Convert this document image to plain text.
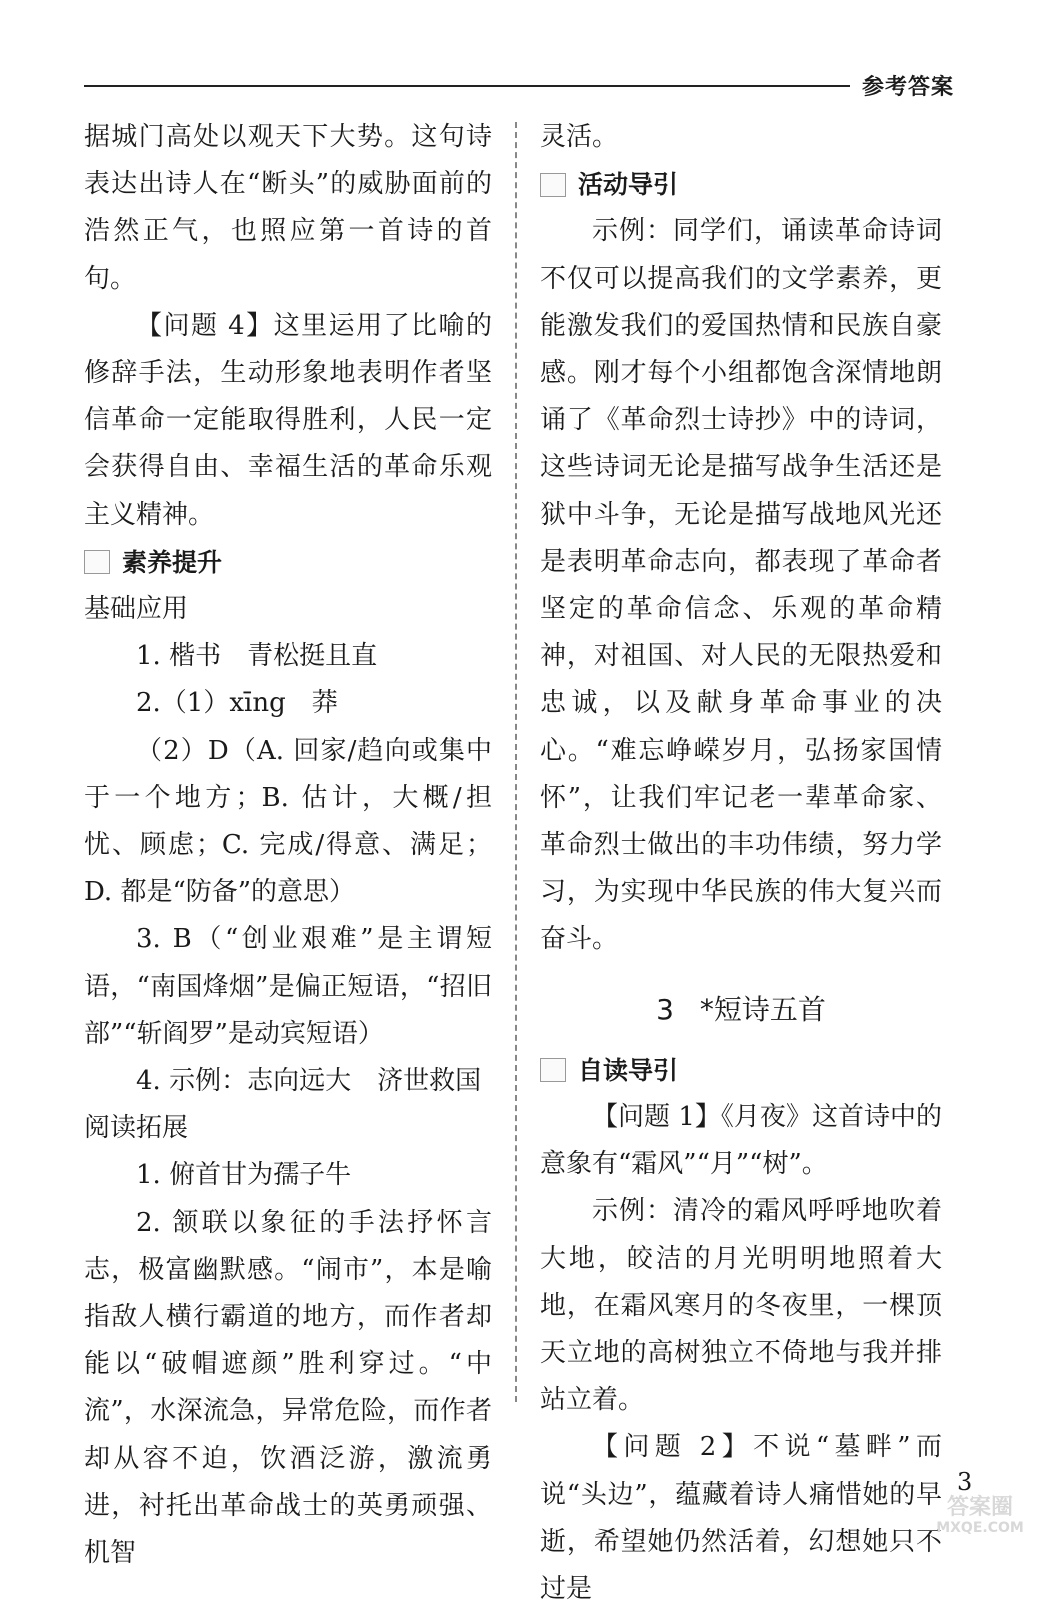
参考答案

据城门高处以观天下大势。这句诗表达出诗人在“断头”的威胁面前的浩然正气，也照应第一首诗的首句。

【问题 4】这里运用了比喻的修辞手法，生动形象地表明作者坚信革命一定能取得胜利，人民一定会获得自由、幸福生活的革命乐观主义精神。

素养提升

基础应用

1. 楷书　青松挺且直

2.（1）xīng　莽

（2）D（A. 回家/趋向或集中于一个地方；B. 估计，大概/担忧、顾虑；C. 完成/得意、满足；D. 都是“防备”的意思）

3. B（“创业艰难”是主谓短语，“南国烽烟”是偏正短语，“招旧部”“斩阎罗”是动宾短语）

4. 示例：志向远大　济世救国

阅读拓展

1. 俯首甘为孺子牛

2. 颔联以象征的手法抒怀言志，极富幽默感。“闹市”，本是喻指敌人横行霸道的地方，而作者却能以“破帽遮颜”胜利穿过。“中流”，水深流急，异常危险，而作者却从容不迫，饮酒泛游，激流勇进，衬托出革命战士的英勇顽强、机智

灵活。

活动导引

示例：同学们，诵读革命诗词不仅可以提高我们的文学素养，更能激发我们的爱国热情和民族自豪感。刚才每个小组都饱含深情地朗诵了《革命烈士诗抄》中的诗词，这些诗词无论是描写战争生活还是狱中斗争，无论是描写战地风光还是表明革命志向，都表现了革命者坚定的革命信念、乐观的革命精神，对祖国、对人民的无限热爱和忠诚，以及献身革命事业的决心。“难忘峥嵘岁月，弘扬家国情怀”，让我们牢记老一辈革命家、革命烈士做出的丰功伟绩，努力学习，为实现中华民族的伟大复兴而奋斗。

3 *短诗五首
自读导引

【问题 1】《月夜》这首诗中的意象有“霜风”“月”“树”。

示例：清冷的霜风呼呼地吹着大地，皎洁的月光明明地照着大地，在霜风寒月的冬夜里，一棵顶天立地的高树独立不倚地与我并排站立着。

【问题 2】不说“墓畔”而说“头边”，蕴藏着诗人痛惜她的早逝，希望她仍然活着，幻想她只不过是

3
答案圈
MXQE.COM
